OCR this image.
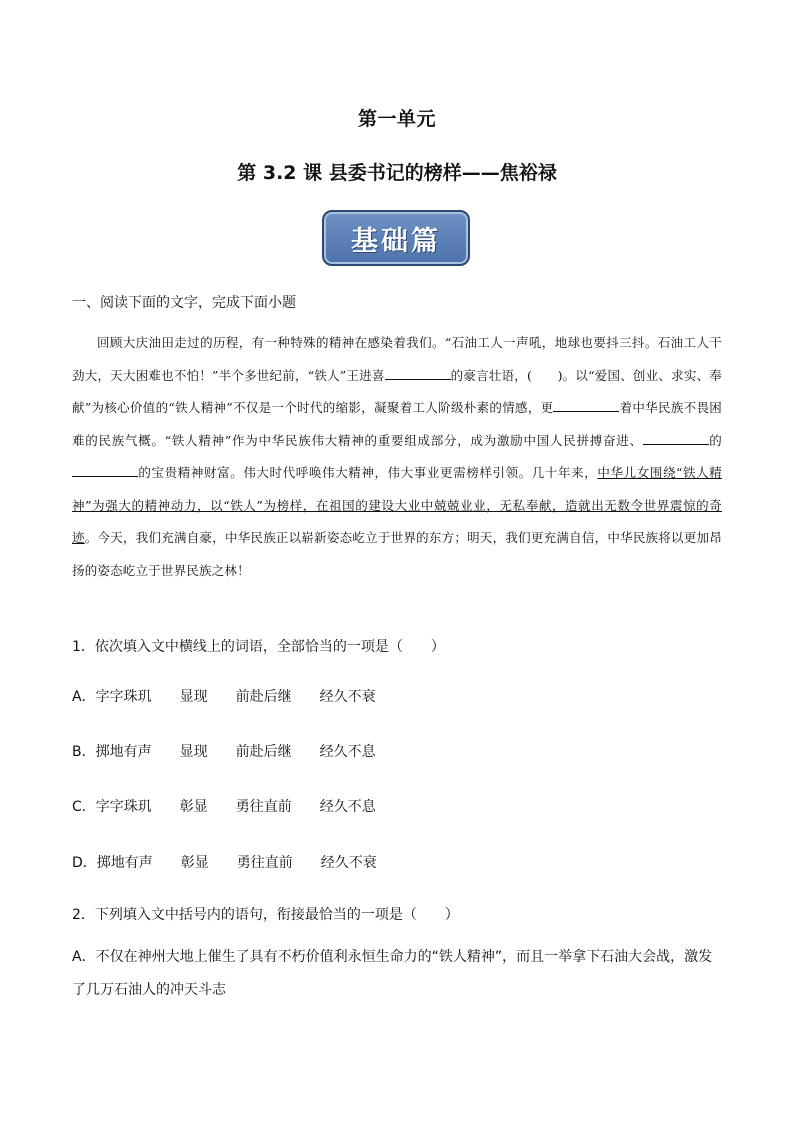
第一单元
第 3.2 课 县委书记的榜样——焦裕禄
基础篇
一、阅读下面的文字，完成下面小题
回顾大庆油田走过的历程，有一种特殊的精神在感染着我们。“石油工人一声吼，地球也要抖三抖。石油工人干劲大，天大困难也不怕！”半个多世纪前，“铁人”王进喜	的豪言壮语，(　　)。以“爱国、创业、求实、奉献”为核心价值的“铁人精神”不仅是一个时代的缩影，凝聚着工人阶级朴素的情感，更	着中华民族不畏困难的民族气概。“铁人精神”作为中华民族伟大精神的重要组成部分，成为激励中国人民拼搏奋进、	的的宝贵精神财富。伟大时代呼唤伟大精神，伟大事业更需榜样引领。几十年来，中华儿女围绕“铁人精神”为强大的精神动力，以“铁人”为榜样，在祖国的建设大业中兢兢业业，无私奉献，造就出无数令世界震惊的奇迹。今天，我们充满自豪，中华民族正以崭新姿态屹立于世界的东方；明天，我们更充满自信，中华民族将以更加昂扬的姿态屹立于世界民族之林！
1．依次填入文中横线上的词语，全部恰当的一项是（　　）
A．字字珠玑　　显现　　前赴后继　　经久不衰
B．掷地有声　　显现　　前赴后继　　经久不息
C．字字珠玑　　彰显　　勇往直前　　经久不息
D．掷地有声　　彰显　　勇往直前　　经久不衰
2．下列填入文中括号内的语句，衔接最恰当的一项是（　　）
A．不仅在神州大地上催生了具有不朽价值利永恒生命力的“铁人精神”，而且一举拿下石油大会战，激发了几万石油人的冲天斗志
